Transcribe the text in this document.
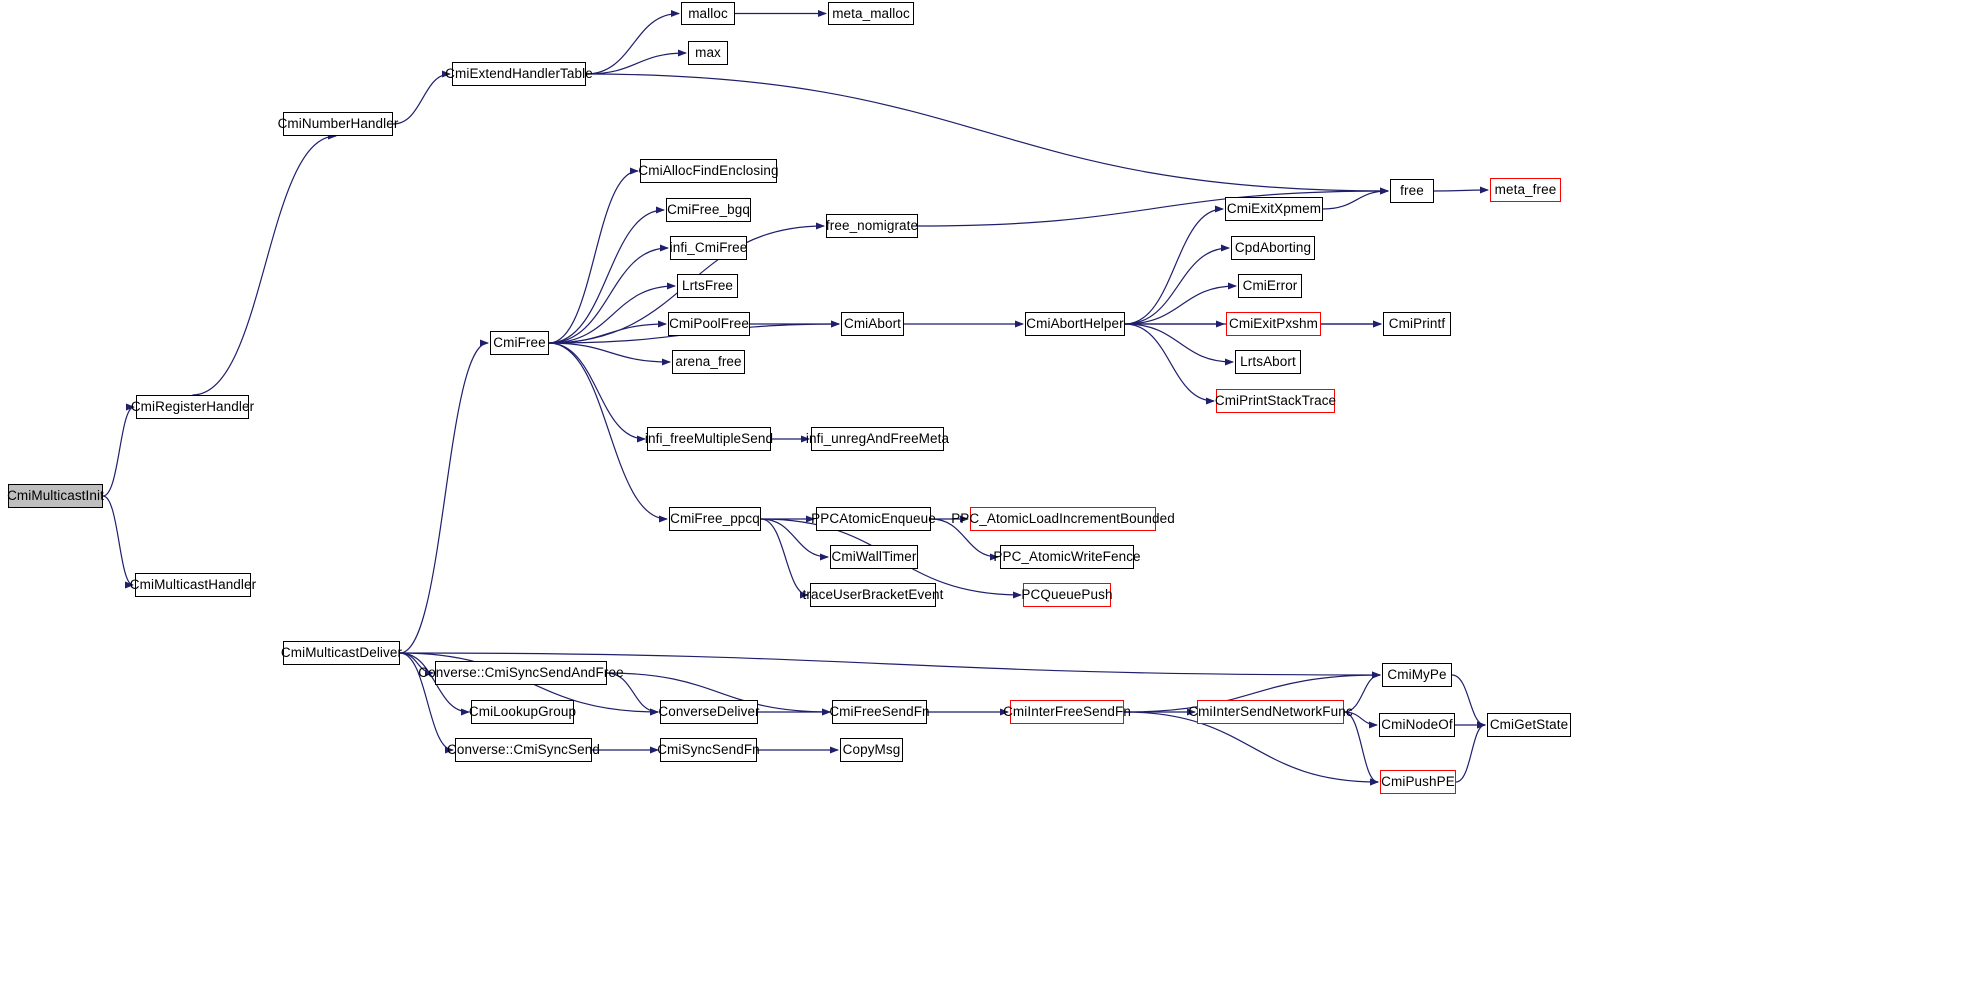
CmiMulticastInit
CmiRegisterHandler
CmiMulticastHandler
CmiNumberHandler
CmiExtendHandlerTable
malloc
max
meta_malloc
free	meta_free
CmiAllocFindEnclosing
CmiFree_bgq
infi_CmiFree
LrtsFree
CmiPoolFree
arena_free
CmiFree
free_nomigrate
CmiAbort	CmiAbortHelper
CmiExitXpmem
CpdAborting
CmiError
CmiExitPxshm
LrtsAbort
CmiPrintStackTrace
CmiPrintf
infi_freeMultipleSend infi_unregAndFreeMeta
CmiFree_ppcq	PPCAtomicEnqueue PPC_AtomicLoadIncrementBounded
PPC_AtomicWriteFence
CmiWallTimer
PCQueuePush
traceUserBracketEvent
CmiMulticastDeliver
Converse::CmiSyncSendAndFree
CmiLookupGroup
Converse::CmiSyncSend
ConverseDeliver
CmiSyncSendFn
CmiFreeSendFn
CopyMsg
CmiInterFreeSendFn	CmiInterSendNetworkFunc
CmiMyPe
CmiNodeOf
CmiPushPE
CmiGetState
